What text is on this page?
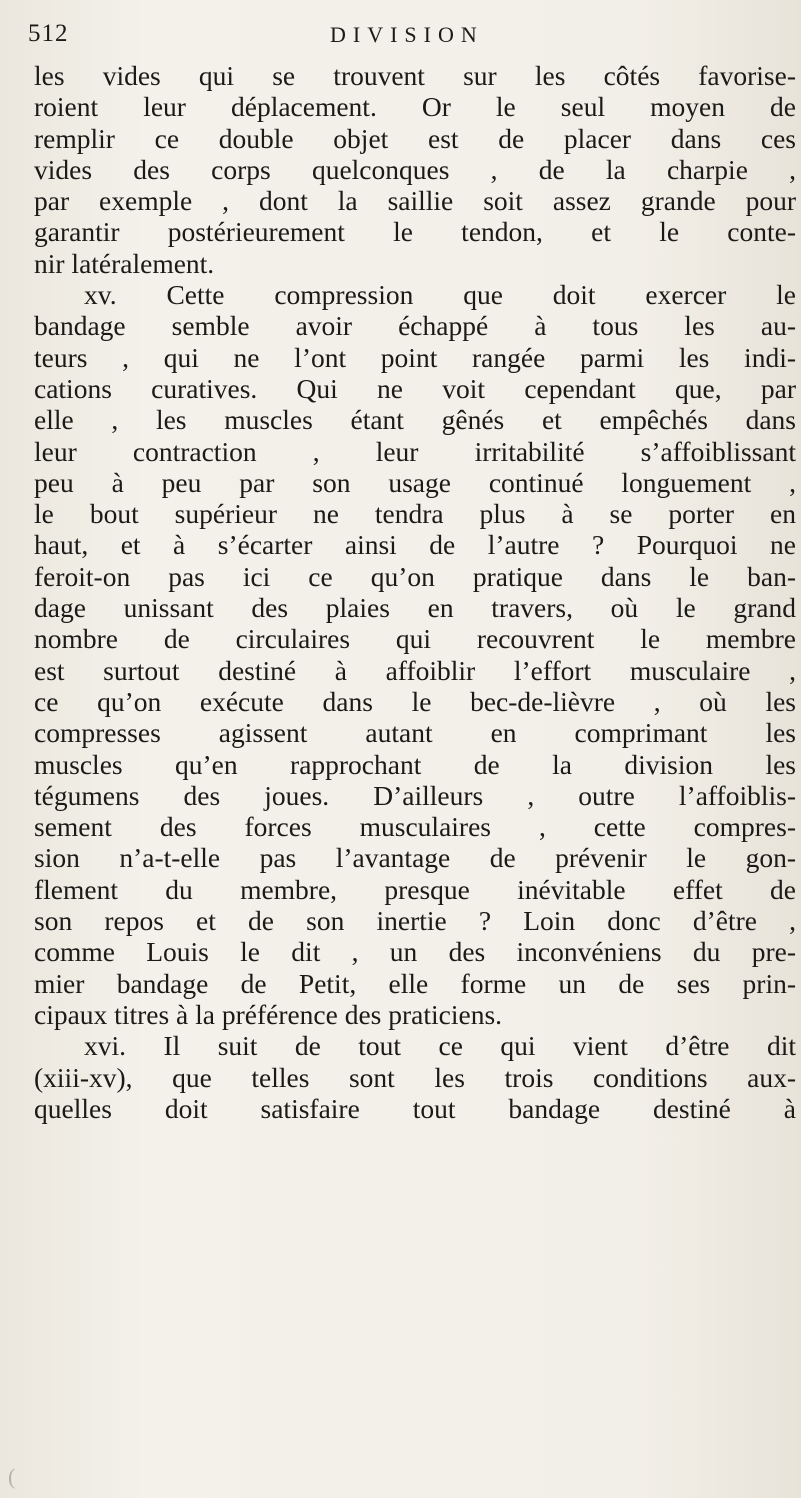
512	DIVISION
les vides qui se trouvent sur les côtés favorise-
roient leur déplacement. Or le seul moyen de
remplir ce double objet est de placer dans ces
vides des corps quelconques , de la charpie ,
par exemple , dont la saillie soit assez grande pour
garantir postérieurement le tendon, et le conte-
nir latéralement.
xv. Cette compression que doit exercer le
bandage semble avoir échappé à tous les au-
teurs , qui ne l’ont point rangée parmi les indi-
cations curatives. Qui ne voit cependant que, par
elle , les muscles étant gênés et empêchés dans
leur contraction , leur irritabilité s’affoiblissant
peu à peu par son usage continué longuement ,
le bout supérieur ne tendra plus à se porter en
haut, et à s’écarter ainsi de l’autre ? Pourquoi ne
feroit-on pas ici ce qu’on pratique dans le ban-
dage unissant des plaies en travers, où le grand
nombre de circulaires qui recouvrent le membre
est surtout destiné à affoiblir l’effort musculaire ,
ce qu’on exécute dans le bec-de-lièvre , où les
compresses agissent autant en comprimant les
muscles qu’en rapprochant de la division les
tégumens des joues. D’ailleurs , outre l’affoiblis-
sement des forces musculaires , cette compres-
sion n’a-t-elle pas l’avantage de prévenir le gon-
flement du membre, presque inévitable effet de
son repos et de son inertie ? Loin donc d’être ,
comme Louis le dit , un des inconvéniens du pre-
mier bandage de Petit, elle forme un de ses prin-
cipaux titres à la préférence des praticiens.
xvi. Il suit de tout ce qui vient d’être dit
(xiii-xv), que telles sont les trois conditions aux-
quelles doit satisfaire tout bandage destiné à
(
